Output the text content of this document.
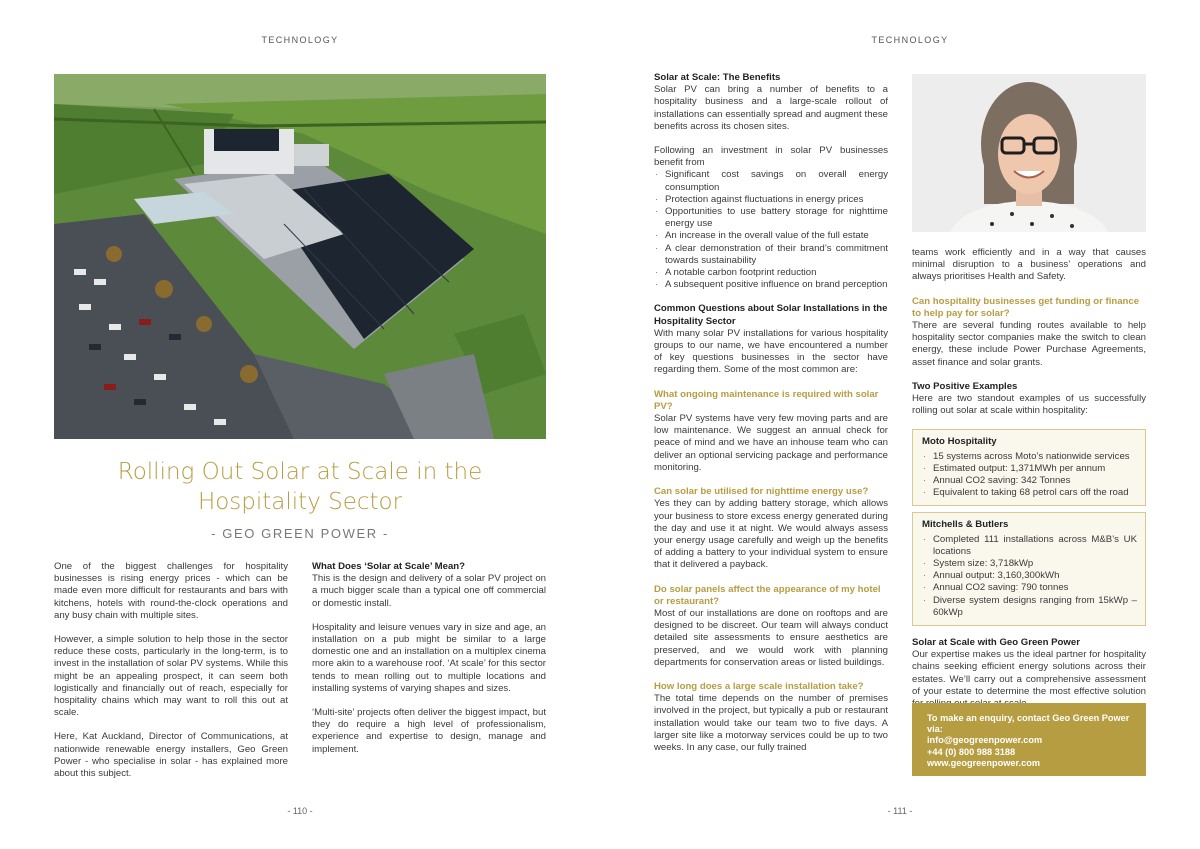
TECHNOLOGY
Rolling Out Solar at Scale in the
Hospitality Sector
- GEO GREEN POWER -

One of the biggest challenges for hospitality businesses is rising energy prices - which can be made even more difficult for restaurants and bars with kitchens, hotels with round-the-clock operations and any busy chain with multiple sites.

However, a simple solution to help those in the sector reduce these costs, particularly in the long-term, is to invest in the installation of solar PV systems. While this might be an appealing prospect, it can seem both logistically and financially out of reach, especially for hospitality chains which may want to roll this out at scale.

Here, Kat Auckland, Director of Communications, at nationwide renewable energy installers, Geo Green Power - who specialise in solar - has explained more about this subject.

What Does ‘Solar at Scale’ Mean?

This is the design and delivery of a solar PV project on a much bigger scale than a typical one off commercial or domestic install.

Hospitality and leisure venues vary in size and age, an installation on a pub might be similar to a large domestic one and an installation on a multiplex cinema more akin to a warehouse roof. ‘At scale’ for this sector tends to mean rolling out to multiple locations and installing systems of varying shapes and sizes.

‘Multi-site’ projects often deliver the biggest impact, but they do require a high level of professionalism, experience and expertise to design, manage and implement.

- 110 -
TECHNOLOGY
- 111 -
Solar at Scale: The Benefits

Solar PV can bring a number of benefits to a hospitality business and a large-scale rollout of installations can essentially spread and augment these benefits across its chosen sites.

Following an investment in solar PV businesses benefit from

· Significant cost savings on overall energy consumption
· Protection against fluctuations in energy prices
· Opportunities to use battery storage for nighttime energy use
· An increase in the overall value of the full estate
· A clear demonstration of their brand’s commitment towards sustainability
· A notable carbon footprint reduction
· A subsequent positive influence on brand perception
Common Questions about Solar Installations in the Hospitality Sector

With many solar PV installations for various hospitality groups to our name, we have encountered a number of key questions businesses in the sector have regarding them. Some of the most common are:

What ongoing maintenance is required with solar PV?

Solar PV systems have very few moving parts and are low maintenance. We suggest an annual check for peace of mind and we have an inhouse team who can deliver an optional servicing package and performance monitoring.

Can solar be utilised for nighttime energy use?

Yes they can by adding battery storage, which allows your business to store excess energy generated during the day and use it at night. We would always assess your energy usage carefully and weigh up the benefits of adding a battery to your individual system to ensure that it delivered a payback.

Do solar panels affect the appearance of my hotel or restaurant?

Most of our installations are done on rooftops and are designed to be discreet. Our team will always conduct detailed site assessments to ensure aesthetics are preserved, and we would work with planning departments for conservation areas or listed buildings.

How long does a large scale installation take?

The total time depends on the number of premises involved in the project, but typically a pub or restaurant installation would take our team two to five days. A larger site like a motorway services could be up to two weeks. In any case, our fully trained

teams work efficiently and in a way that causes minimal disruption to a business’ operations and always prioritises Health and Safety.

Can hospitality businesses get funding or finance to help pay for solar?

There are several funding routes available to help hospitality sector companies make the switch to clean energy, these include Power Purchase Agreements, asset finance and solar grants.

Two Positive Examples

Here are two standout examples of us successfully rolling out solar at scale within hospitality:

Moto Hospitality
· 15 systems across Moto’s nationwide services
· Estimated output: 1,371MWh per annum
· Annual CO2 saving: 342 Tonnes
· Equivalent to taking 68 petrol cars off the road
Mitchells & Butlers
· Completed 111 installations across M&B’s UK locations
· System size: 3,718kWp
· Annual output: 3,160,300kWh
· Annual CO2 saving: 790 tonnes
· Diverse system designs ranging from 15kWp – 60kWp
Solar at Scale with Geo Green Power

Our expertise makes us the ideal partner for hospitality chains seeking efficient energy solutions across their estates. We’ll carry out a comprehensive assessment of your estate to determine the most effective solution

To make an enquiry, contact Geo Green Power via:
info@geogreenpower.com
+44 (0) 800 988 3188
www.geogreenpower.com
